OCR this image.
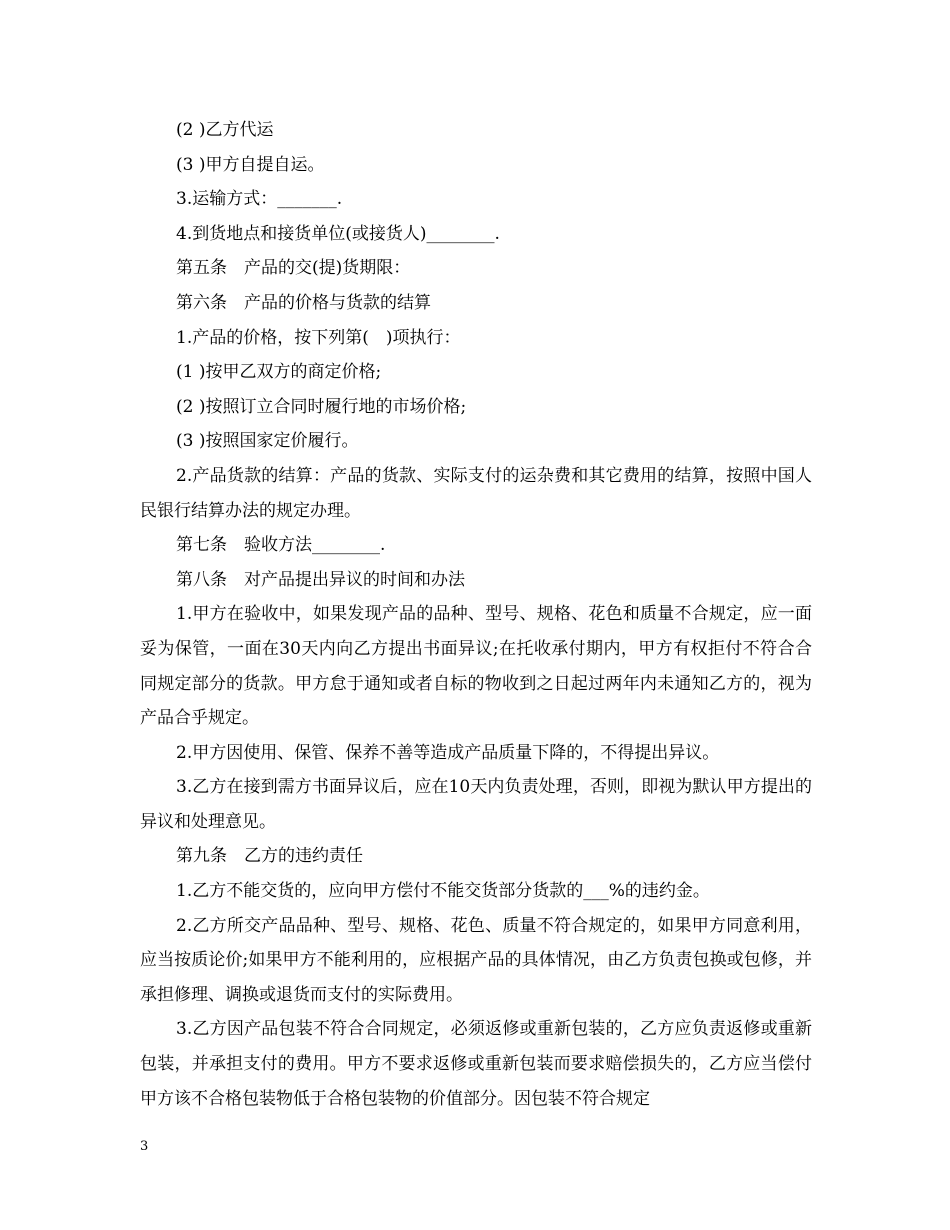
(2 )乙方代运

(3 )甲方自提自运。

3.运输方式：_______.

4.到货地点和接货单位(或接货人)________.

第五条　产品的交(提)货期限：

第六条　产品的价格与货款的结算

1.产品的价格，按下列第(　)项执行：

(1 )按甲乙双方的商定价格;

(2 )按照订立合同时履行地的市场价格;

(3 )按照国家定价履行。

2.产品货款的结算：产品的货款、实际支付的运杂费和其它费用的结算，按照中国人民银行结算办法的规定办理。

第七条　验收方法________.

第八条　对产品提出异议的时间和办法

1.甲方在验收中，如果发现产品的品种、型号、规格、花色和质量不合规定，应一面妥为保管，一面在30天内向乙方提出书面异议;在托收承付期内，甲方有权拒付不符合合同规定部分的货款。甲方怠于通知或者自标的物收到之日起过两年内未通知乙方的，视为产品合乎规定。

2.甲方因使用、保管、保养不善等造成产品质量下降的，不得提出异议。

3.乙方在接到需方书面异议后，应在10天内负责处理，否则，即视为默认甲方提出的异议和处理意见。

第九条　乙方的违约责任

1.乙方不能交货的，应向甲方偿付不能交货部分货款的___%的违约金。

2.乙方所交产品品种、型号、规格、花色、质量不符合规定的，如果甲方同意利用，应当按质论价;如果甲方不能利用的，应根据产品的具体情况，由乙方负责包换或包修，并承担修理、调换或退货而支付的实际费用。

3.乙方因产品包装不符合合同规定，必须返修或重新包装的，乙方应负责返修或重新包装，并承担支付的费用。甲方不要求返修或重新包装而要求赔偿损失的，乙方应当偿付甲方该不合格包装物低于合格包装物的价值部分。因包装不符合规定

3
